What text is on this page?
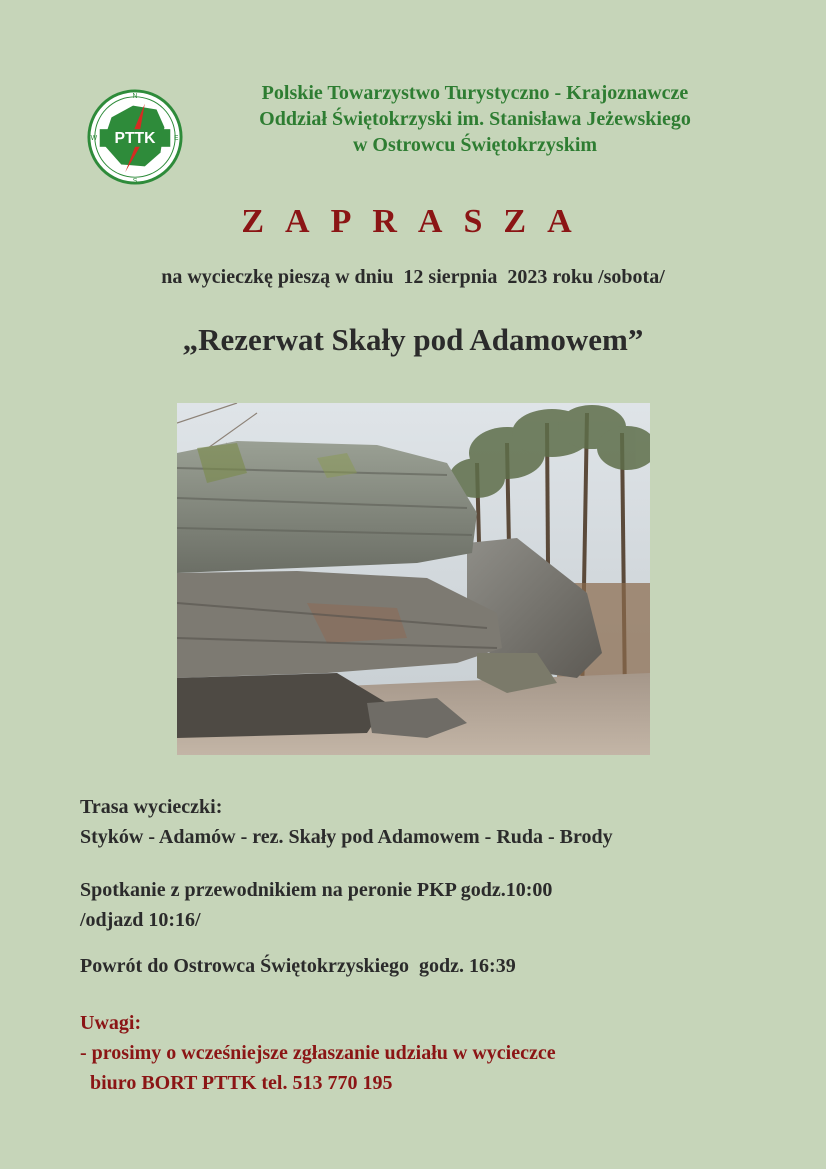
PTTK
N
E
S
W
Polskie Towarzystwo Turystyczno - Krajoznawcze
Oddział Świętokrzyski im. Stanisława Jeżewskiego
w Ostrowcu Świętokrzyskim
ZAPRASZA
na wycieczkę pieszą w dniu  12 sierpnia  2023 roku /sobota/
„Rezerwat Skały pod Adamowem”
Trasa wycieczki:
Styków - Adamów - rez. Skały pod Adamowem - Ruda - Brody
Spotkanie z przewodnikiem na peronie PKP godz.10:00
/odjazd 10:16/
Powrót do Ostrowca Świętokrzyskiego  godz. 16:39
Uwagi:
- prosimy o wcześniejsze zgłaszanie udziału w wycieczce
biuro BORT PTTK tel. 513 770 195
